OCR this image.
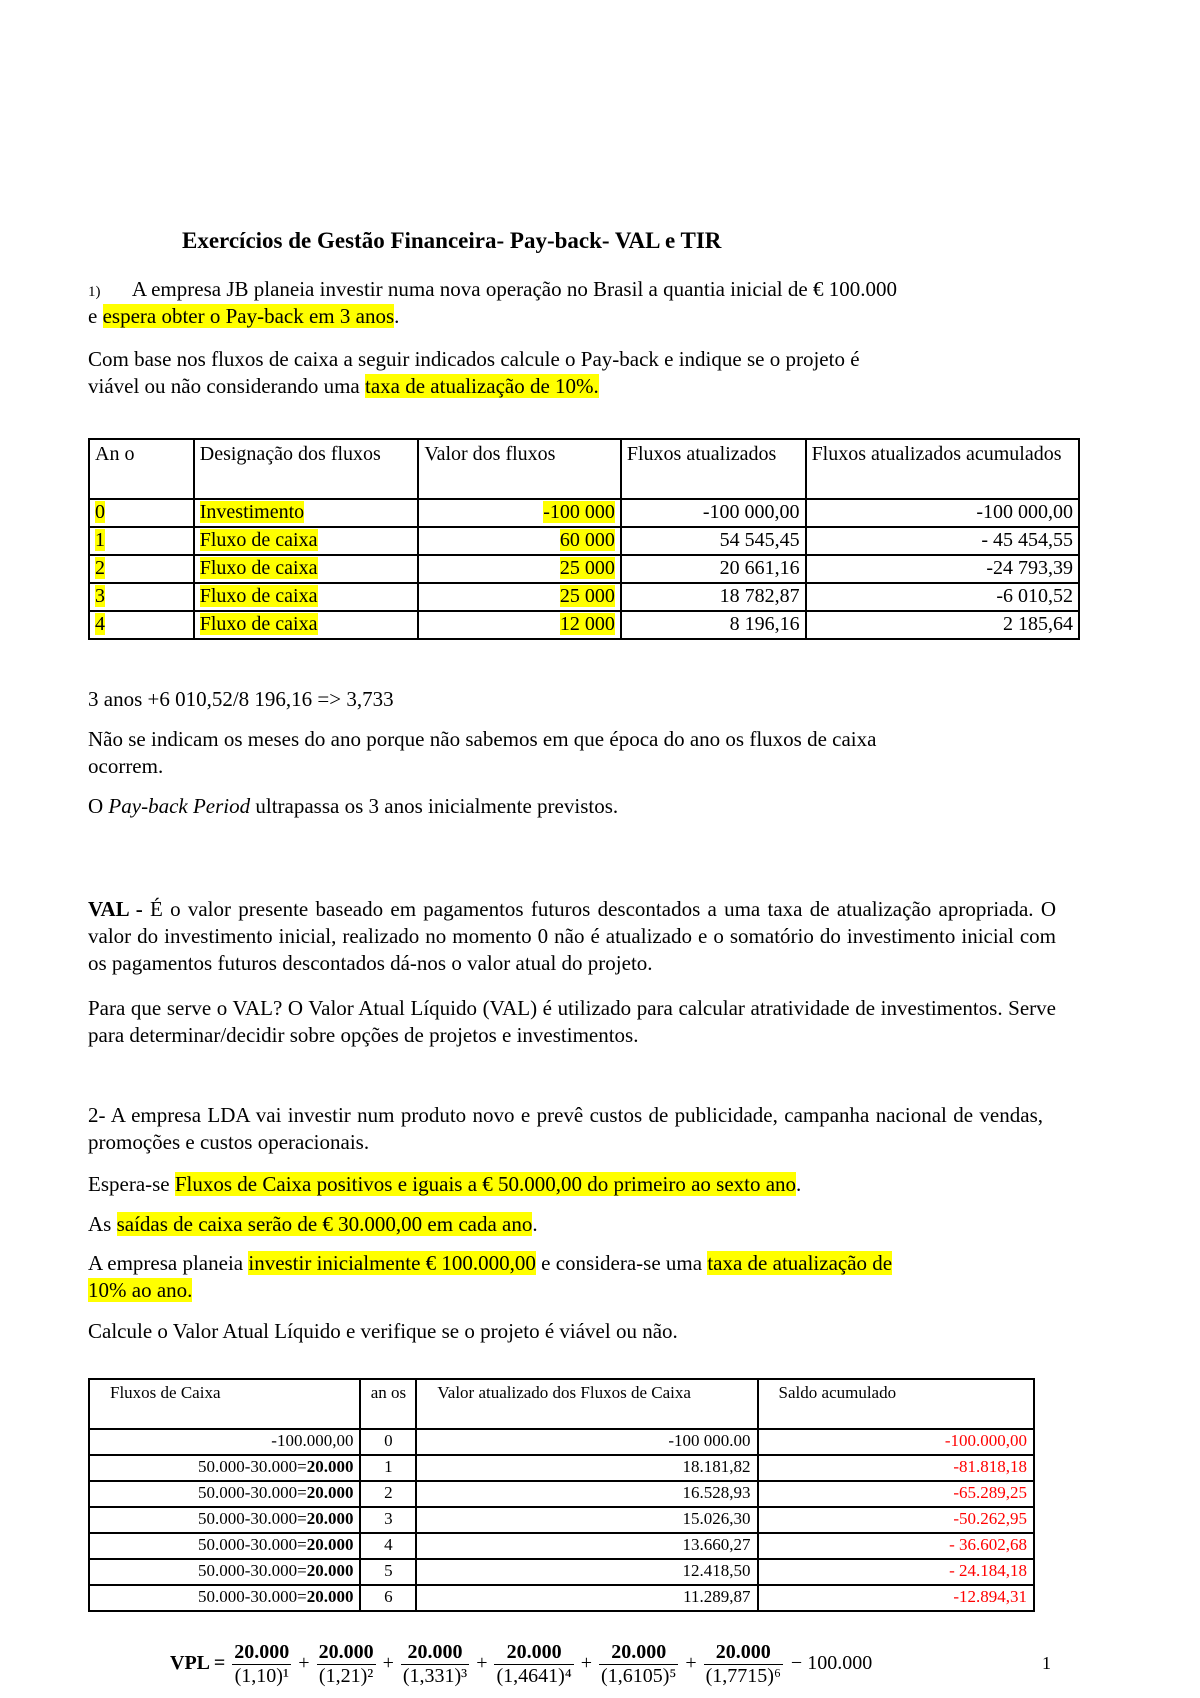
Exercícios de Gestão Financeira- Pay-back- VAL e TIR
1) A empresa JB planeia investir numa nova operação no Brasil a quantia inicial de € 100.000
e espera obter o Pay-back em 3 anos.
Com base nos fluxos de caixa a seguir indicados calcule o Pay-back e indique se o projeto é
viável ou não considerando uma taxa de atualização de 10%.
An o	Designação dos fluxos	Valor dos fluxos	Fluxos atualizados	Fluxos atualizados acumulados
0	Investimento	-100 000	-100 000,00	-100 000,00
1	Fluxo de caixa	60 000	54 545,45	- 45 454,55
2	Fluxo de caixa	25 000	20 661,16	-24 793,39
3	Fluxo de caixa	25 000	18 782,87	-6 010,52
4	Fluxo de caixa	12 000	8 196,16	2 185,64
3 anos +6 010,52/8 196,16 => 3,733
Não se indicam os meses do ano porque não sabemos em que época do ano os fluxos de caixa
ocorrem.
O Pay-back Period ultrapassa os 3 anos inicialmente previstos.
VAL - É o valor presente baseado em pagamentos futuros descontados a uma taxa de atualização apropriada. O valor do investimento inicial, realizado no momento 0 não é atualizado e o somatório do investimento inicial com os pagamentos futuros descontados dá-nos o valor atual do projeto.
Para que serve o VAL? O Valor Atual Líquido (VAL) é utilizado para calcular atratividade de investimentos. Serve para determinar/decidir sobre opções de projetos e investimentos.
2- A empresa LDA vai investir num produto novo e prevê custos de publicidade, campanha nacional de vendas, promoções e custos operacionais.
Espera-se Fluxos de Caixa positivos e iguais a € 50.000,00 do primeiro ao sexto ano.
As saídas de caixa serão de € 30.000,00 em cada ano.
A empresa planeia investir inicialmente € 100.000,00 e considera-se uma taxa de atualização de
10% ao ano.
Calcule o Valor Atual Líquido e verifique se o projeto é viável ou não.
Fluxos de Caixa	an os	Valor atualizado dos Fluxos de Caixa	Saldo acumulado
-100.000,00	0	-100 000.00	-100.000,00
50.000-30.000=20.000	1	18.181,82	-81.818,18
50.000-30.000=20.000	2	16.528,93	-65.289,25
50.000-30.000=20.000	3	15.026,30	-50.262,95
50.000-30.000=20.000	4	13.660,27	- 36.602,68
50.000-30.000=20.000	5	12.418,50	- 24.184,18
50.000-30.000=20.000	6	11.289,87	-12.894,31
VPL = $\frac{20.000}{\text{(1,10)¹}} + \frac{20.000}{\text{(1,21)²}} + \frac{20.000}{\text{(1,331)³}} + \frac{20.000}{\text{(1,4641)⁴}} + \frac{20.000}{\text{(1,6105)⁵}} + \frac{20.000}{\text{(1,7715)⁶}} - 100.000$	1
